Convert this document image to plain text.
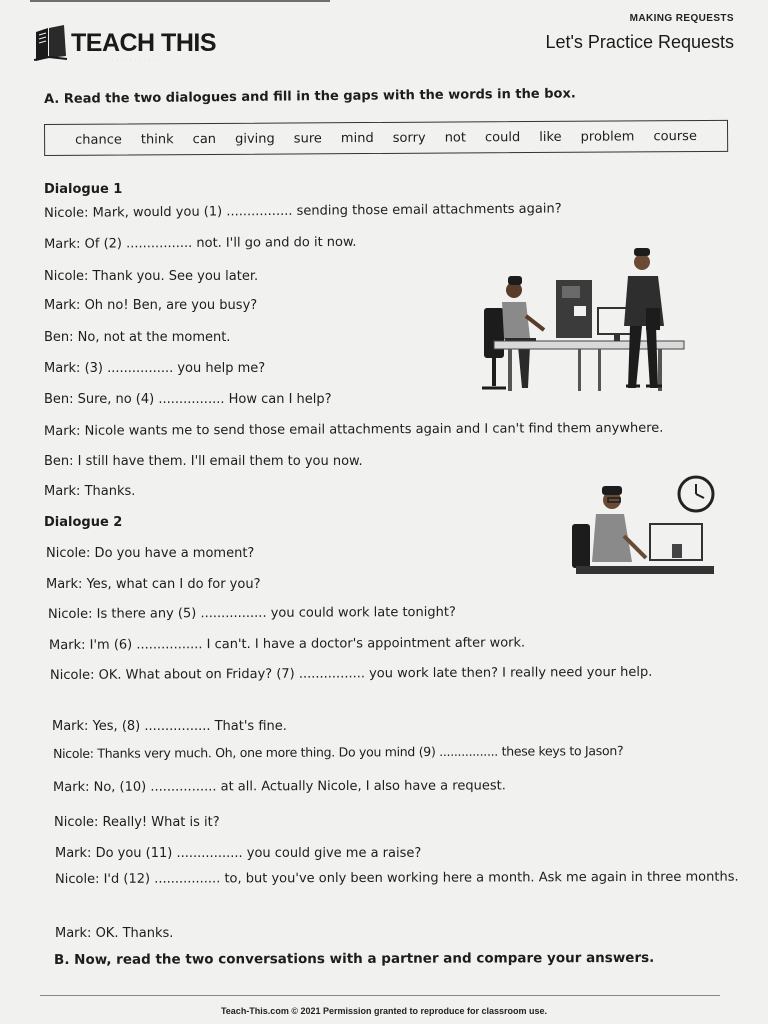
TEACH THIS
· · · · · · · · · · ·
MAKING REQUESTS
Let's Practice Requests
A. Read the two dialogues and fill in the gaps with the words in the box.
chance think can giving sure mind sorry not could like problem course
Dialogue 1
Nicole: Mark, would you (1) ................ sending those email attachments again?
Mark: Of (2) ................ not. I'll go and do it now.
Nicole: Thank you. See you later.
Mark: Oh no! Ben, are you busy?
Ben: No, not at the moment.
Mark: (3) ................ you help me?
Ben: Sure, no (4) ................ How can I help?
Mark: Nicole wants me to send those email attachments again and I can't find them anywhere.
Ben: I still have them. I'll email them to you now.
Mark: Thanks.
Dialogue 2
Nicole: Do you have a moment?
Mark: Yes, what can I do for you?
Nicole: Is there any (5) ................ you could work late tonight?
Mark: I'm (6) ................ I can't. I have a doctor's appointment after work.
Nicole: OK. What about on Friday? (7) ................ you work late then? I really need your help.
Mark: Yes, (8) ................ That's fine.
Nicole: Thanks very much. Oh, one more thing. Do you mind (9) ................ these keys to Jason?
Mark: No, (10) ................ at all. Actually Nicole, I also have a request.
Nicole: Really! What is it?
Mark: Do you (11) ................ you could give me a raise?
Nicole: I'd (12) ................ to, but you've only been working here a month. Ask me again in three months.
Mark: OK. Thanks.
B. Now, read the two conversations with a partner and compare your answers.
Teach-This.com © 2021 Permission granted to reproduce for classroom use.
